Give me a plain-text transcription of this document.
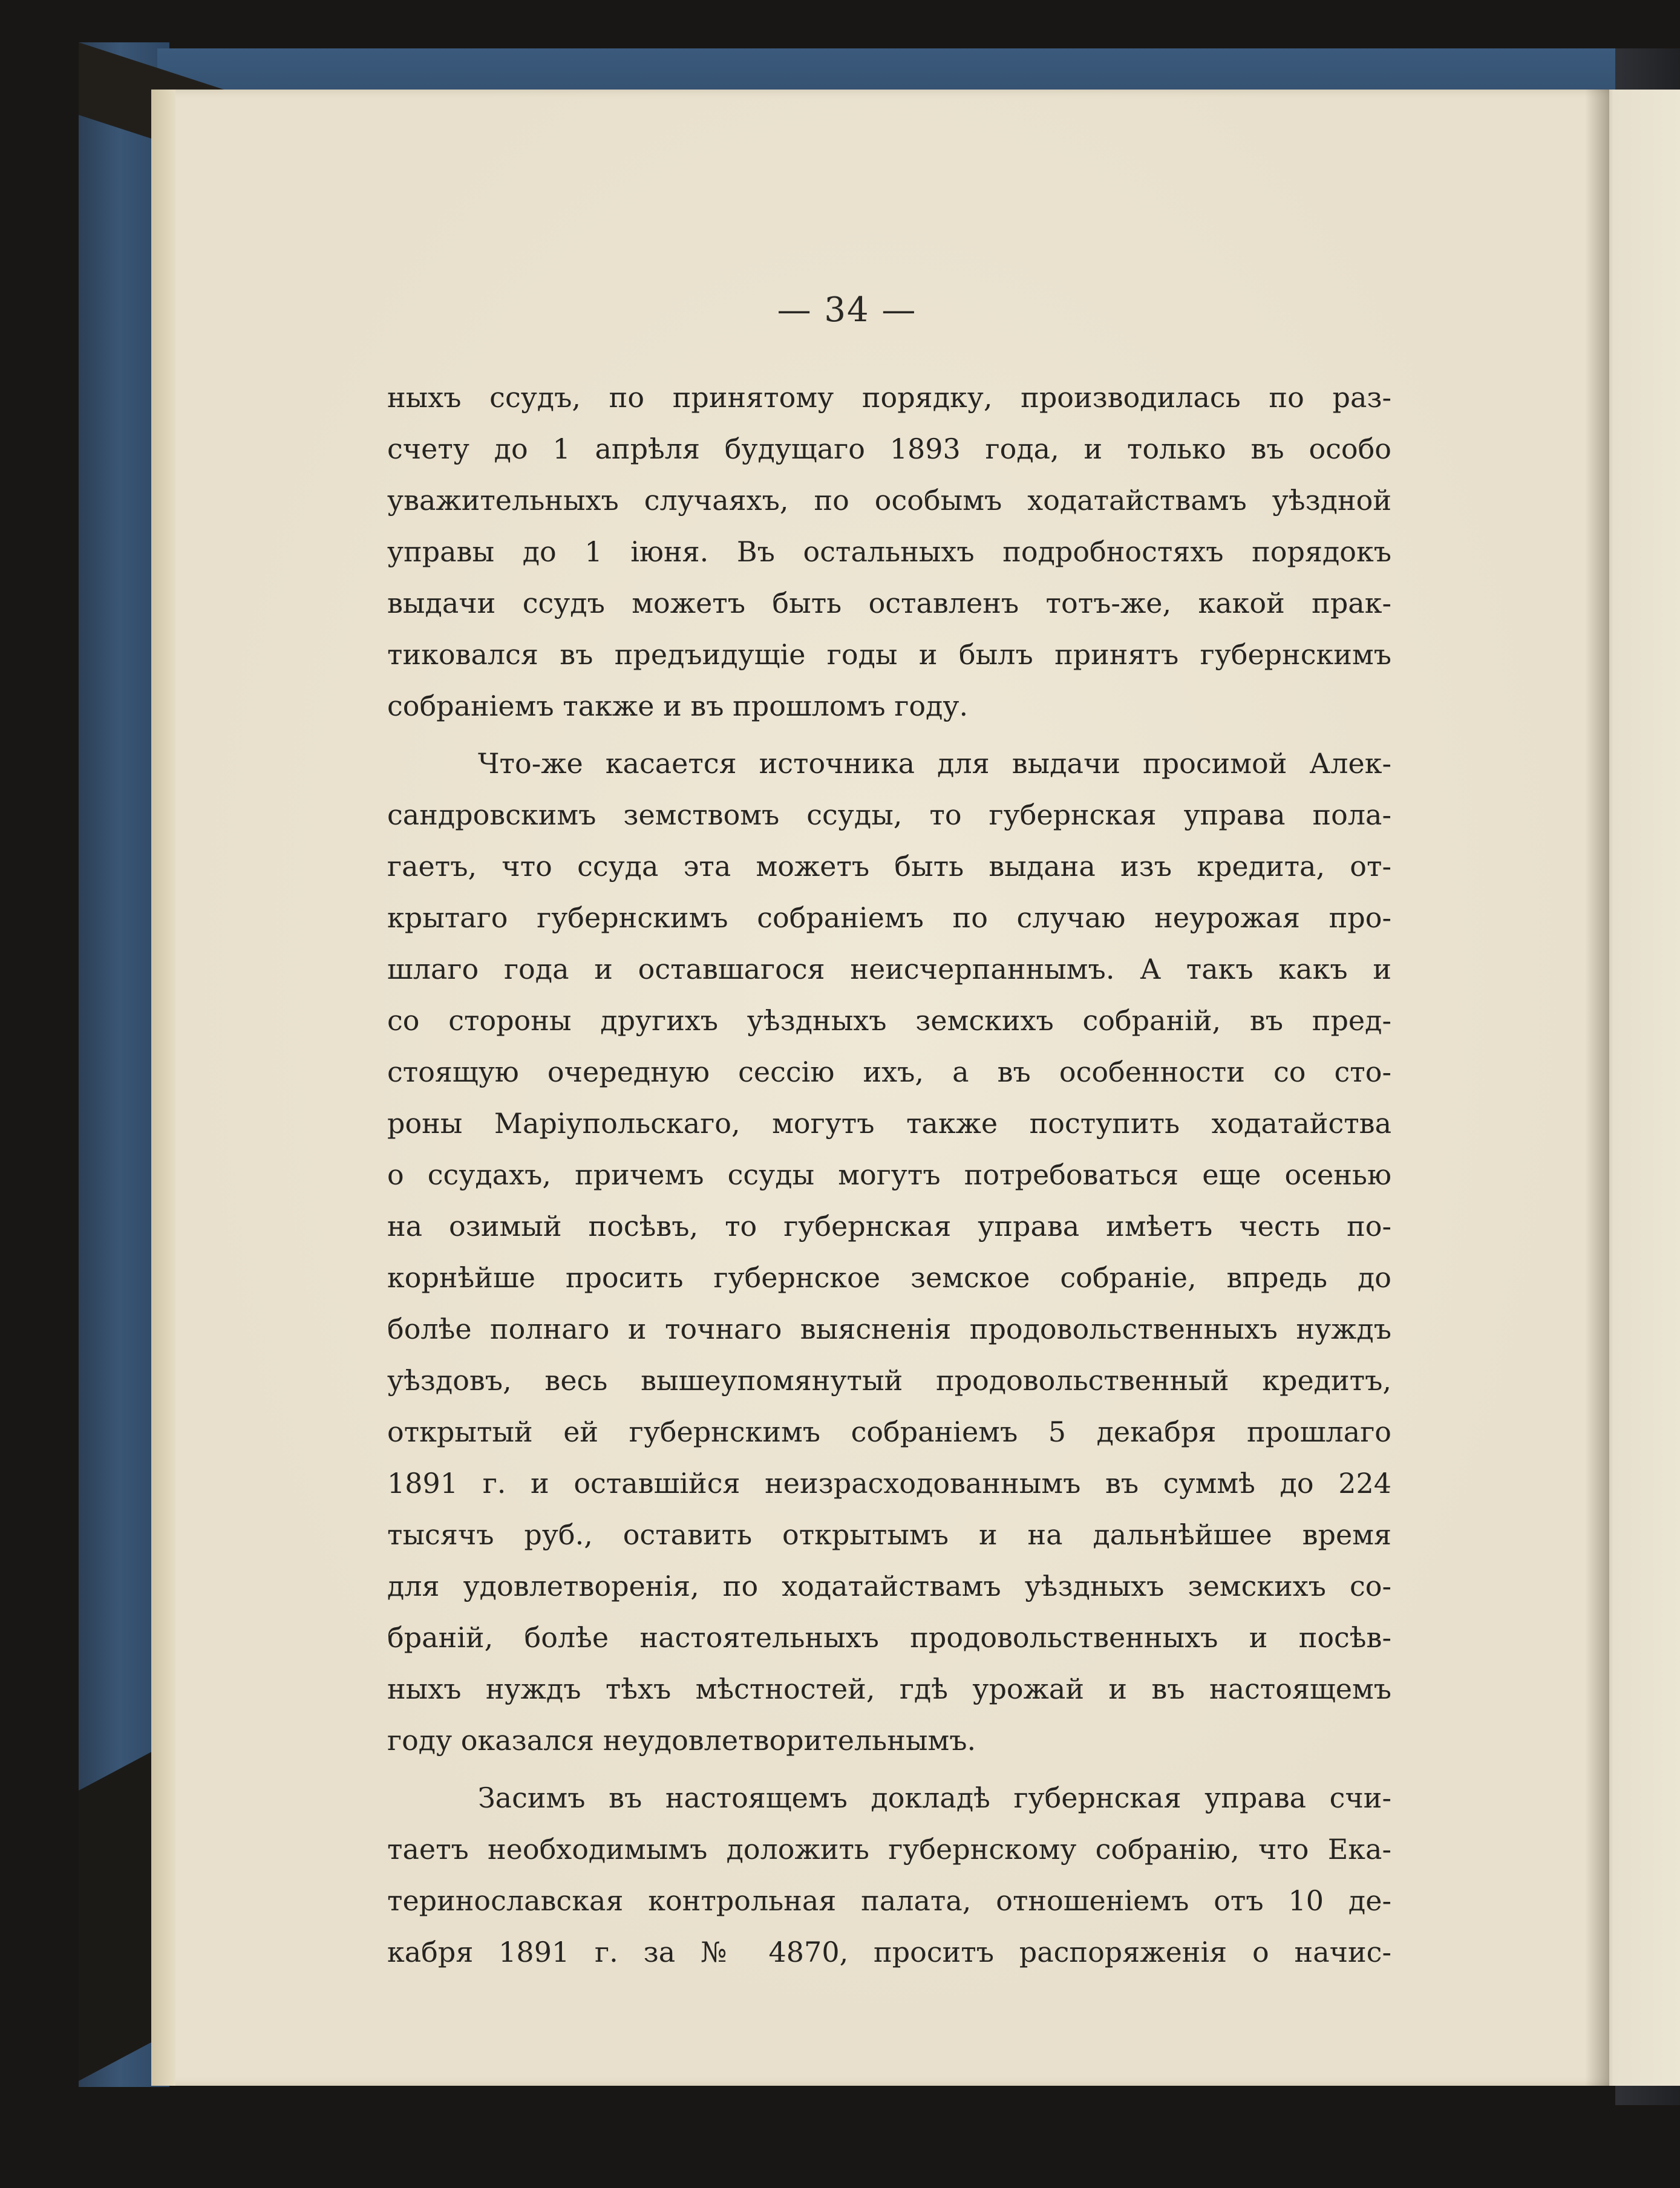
— 34 —
ныхъ ссудъ, по принятому порядку, производилась по раз-
счету до 1 апрѣля будущаго 1893 года, и только въ особо
уважительныхъ случаяхъ, по особымъ ходатайствамъ уѣздной
управы до 1 іюня. Въ остальныхъ подробностяхъ порядокъ
выдачи ссудъ можетъ быть оставленъ тотъ-же, какой прак-
тиковался въ предъидущіе годы и былъ принятъ губернскимъ
собраніемъ также и въ прошломъ году.
Что-же касается источника для выдачи просимой Алек-
сандровскимъ земствомъ ссуды, то губернская управа пола-
гаетъ, что ссуда эта можетъ быть выдана изъ кредита, от-
крытаго губернскимъ собраніемъ по случаю неурожая про-
шлаго года и оставшагося неисчерпаннымъ. А такъ какъ и
со стороны другихъ уѣздныхъ земскихъ собраній, въ пред-
стоящую очередную сессію ихъ, а въ особенности со сто-
роны Маріупольскаго, могутъ также поступить ходатайства
о ссудахъ, причемъ ссуды могутъ потребоваться еще осенью
на озимый посѣвъ, то губернская управа имѣетъ честь по-
корнѣйше просить губернское земское собраніе, впредь до
болѣе полнаго и точнаго выясненія продовольственныхъ нуждъ
уѣздовъ, весь вышеупомянутый продовольственный кредитъ,
открытый ей губернскимъ собраніемъ 5 декабря прошлаго
1891 г. и оставшійся неизрасходованнымъ въ суммѣ до 224
тысячъ руб., оставить открытымъ и на дальнѣйшее время
для удовлетворенія, по ходатайствамъ уѣздныхъ земскихъ со-
браній, болѣе настоятельныхъ продовольственныхъ и посѣв-
ныхъ нуждъ тѣхъ мѣстностей, гдѣ урожай и въ настоящемъ
году оказался неудовлетворительнымъ.
Засимъ въ настоящемъ докладѣ губернская управа счи-
таетъ необходимымъ доложить губернскому собранію, что Ека-
теринославская контрольная палата, отношеніемъ отъ 10 де-
кабря 1891 г. за № 4870, проситъ распоряженія о начис-
